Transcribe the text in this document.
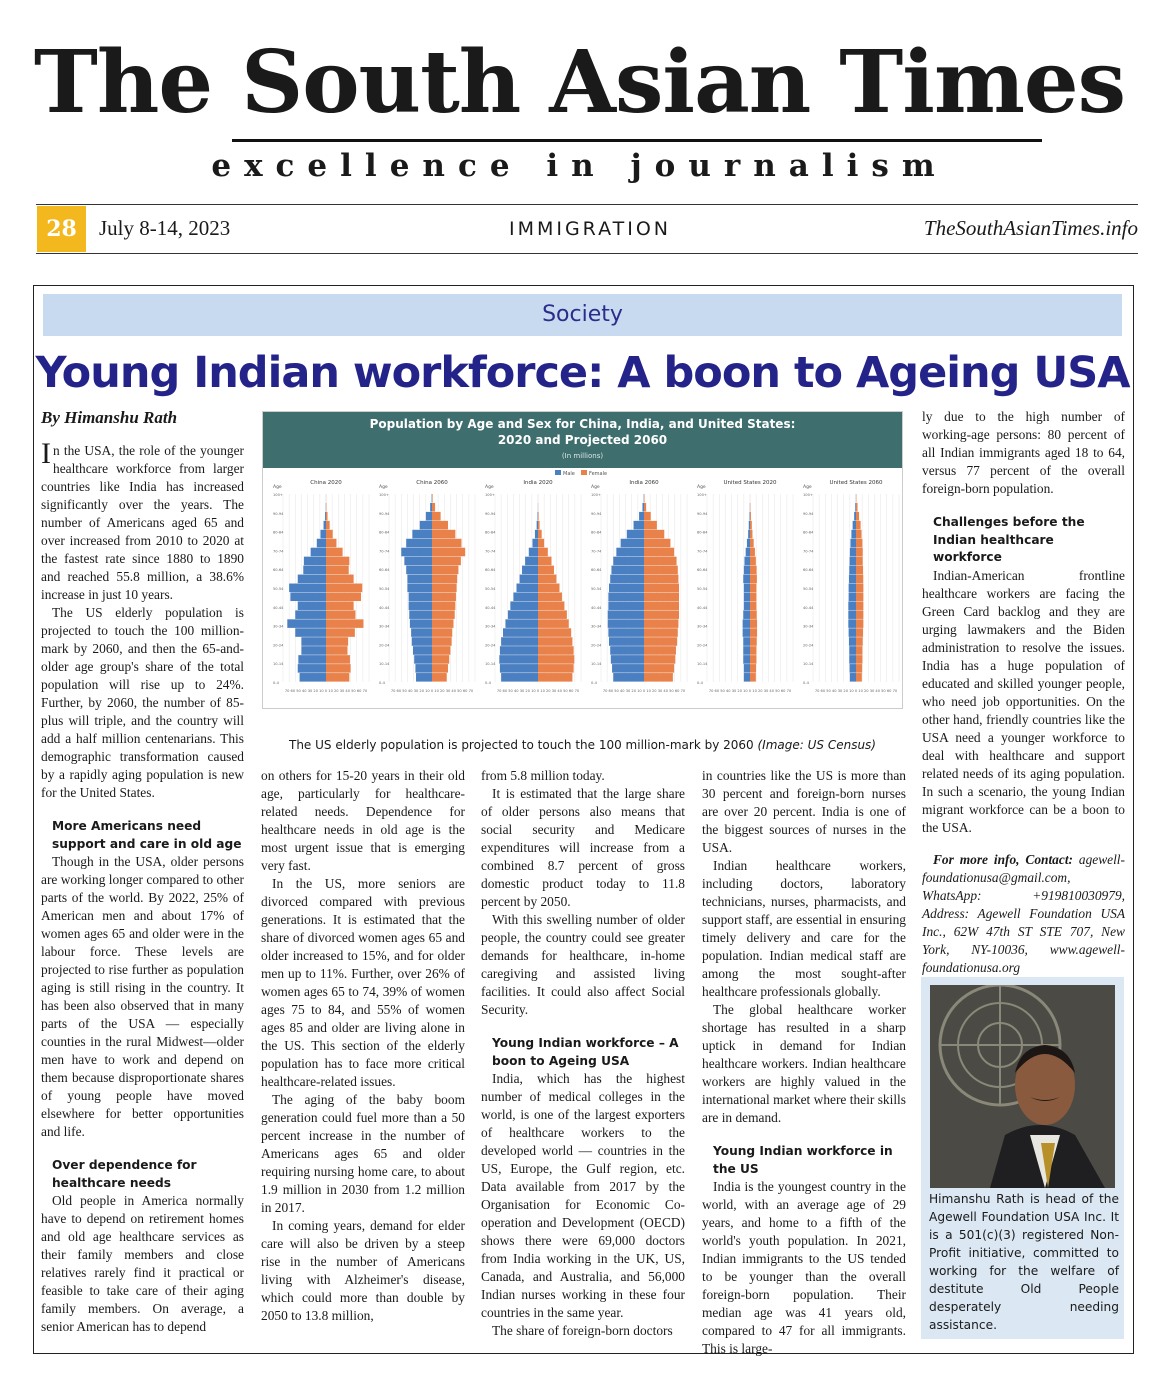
The South Asian Times
excellence in journalism
28	July 8-14, 2023	IMMIGRATION	TheSouthAsianTimes.info
Society
Young Indian workforce: A boon to Ageing USA
By Himanshu Rath

In the USA, the role of the younger healthcare workforce from larger countries like India has increased significantly over the years. The number of Americans aged 65 and over increased from 2010 to 2020 at the fastest rate since 1880 to 1890 and reached 55.8 million, a 38.6% increase in just 10 years.

The US elderly population is projected to touch the 100 million-mark by 2060, and then the 65-and-older age group's share of the total population will rise up to 24%. Further, by 2060, the number of 85-plus will triple, and the country will add a half million centenarians. This demographic transformation caused by a rapidly aging population is new for the United States.

More Americans need support and care in old age

Though in the USA, older persons are working longer compared to other parts of the world. By 2022, 25% of American men and about 17% of women ages 65 and older were in the labour force. These levels are projected to rise further as population aging is still rising in the country. It has been also observed that in many parts of the USA — especially counties in the rural Midwest—older men have to work and depend on them because disproportionate shares of young people have moved elsewhere for better opportunities and life.

Over dependence for healthcare needs

Old people in America normally have to depend on retirement homes and old age healthcare services as their family members and close relatives rarely find it practical or feasible to take care of their aging family members. On average, a senior American has to depend

Population by Age and Sex for China, India, and United States:
2020 and Projected 2060
(In millions)
Male	Female
China 2020
Age
100+
90-94
80-84
70-74
60-64
50-54
40-44
30-34
20-24
10-14
0-4
70 60 50 40 30 20 10 0 10 20 30 40 50 60 70
China 2060
Age
100+
90-94
80-84
70-74
60-64
50-54
40-44
30-34
20-24
10-14
0-4
70 60 50 40 30 20 10 0 10 20 30 40 50 60 70
India 2020
Age
100+
90-94
80-84
70-74
60-64
50-54
40-44
30-34
20-24
10-14
0-4
70 60 50 40 30 20 10 0 10 20 30 40 50 60 70
India 2060
Age
100+
90-94
80-84
70-74
60-64
50-54
40-44
30-34
20-24
10-14
0-4
70 60 50 40 30 20 10 0 10 20 30 40 50 60 70
United States 2020
Age
100+
90-94
80-84
70-74
60-64
50-54
40-44
30-34
20-24
10-14
0-4
70 60 50 40 30 20 10 0 10 20 30 40 50 60 70
United States 2060
Age
100+
90-94
80-84
70-74
60-64
50-54
40-44
30-34
20-24
10-14
0-4
70 60 50 40 30 20 10 0 10 20 30 40 50 60 70
The US elderly population is projected to touch the 100 million-mark by 2060 (Image: US Census)

on others for 15-20 years in their old age, particularly for healthcare-related needs. Dependence for healthcare needs in old age is the most urgent issue that is emerging very fast.

In the US, more seniors are divorced compared with previous generations. It is estimated that the share of divorced women ages 65 and older increased to 15%, and for older men up to 11%. Further, over 26% of women ages 65 to 74, 39% of women ages 75 to 84, and 55% of women ages 85 and older are living alone in the US. This section of the elderly population has to face more critical healthcare-related issues.

The aging of the baby boom generation could fuel more than a 50 percent increase in the number of Americans ages 65 and older requiring nursing home care, to about 1.9 million in 2030 from 1.2 million in 2017.

In coming years, demand for elder care will also be driven by a steep rise in the number of Americans living with Alzheimer's disease, which could more than double by 2050 to 13.8 million,

from 5.8 million today.

It is estimated that the large share of older persons also means that social security and Medicare expenditures will increase from a combined 8.7 percent of gross domestic product today to 11.8 percent by 2050.

With this swelling number of older people, the country could see greater demands for healthcare, in-home caregiving and assisted living facilities. It could also affect Social Security.

Young Indian workforce – A boon to Ageing USA

India, which has the highest number of medical colleges in the world, is one of the largest exporters of healthcare workers to the developed world — countries in the US, Europe, the Gulf region, etc. Data available from 2017 by the Organisation for Economic Co-operation and Development (OECD) shows there were 69,000 doctors from India working in the UK, US, Canada, and Australia, and 56,000 Indian nurses working in these four countries in the same year.

The share of foreign-born doctors

in countries like the US is more than 30 percent and foreign-born nurses are over 20 percent. India is one of the biggest sources of nurses in the USA.

Indian healthcare workers, including doctors, laboratory technicians, nurses, pharmacists, and support staff, are essential in ensuring timely delivery and care for the population. Indian medical staff are among the most sought-after healthcare professionals globally.

The global healthcare worker shortage has resulted in a sharp uptick in demand for Indian healthcare workers. Indian healthcare workers are highly valued in the international market where their skills are in demand.

Young Indian workforce in the US

India is the youngest country in the world, with an average age of 29 years, and home to a fifth of the world's youth population. In 2021, Indian immigrants to the US tended to be younger than the overall foreign-born population. Their median age was 41 years old, compared to 47 for all immigrants. This is large-

ly due to the high number of working-age persons: 80 percent of all Indian immigrants aged 18 to 64, versus 77 percent of the overall foreign-born population.

Challenges before the Indian healthcare workforce

Indian-American frontline healthcare workers are facing the Green Card backlog and they are urging lawmakers and the Biden administration to resolve the issues. India has a huge population of educated and skilled younger people, who need job opportunities. On the other hand, friendly countries like the USA need a younger workforce to deal with healthcare and support related needs of its aging population. In such a scenario, the young Indian migrant workforce can be a boon to the USA.

For more info, Contact: agewell-foundationusa@gmail.com, WhatsApp: +919810030979, Address: Agewell Foundation USA Inc., 62W 47th ST STE 707, New York, NY-10036, www.agewell-foundationusa.org

Himanshu Rath is head of the Agewell Foundation USA Inc. It is a 501(c)(3) registered Non-Profit initiative, committed to working for the welfare of destitute Old People desperately needing assistance.
